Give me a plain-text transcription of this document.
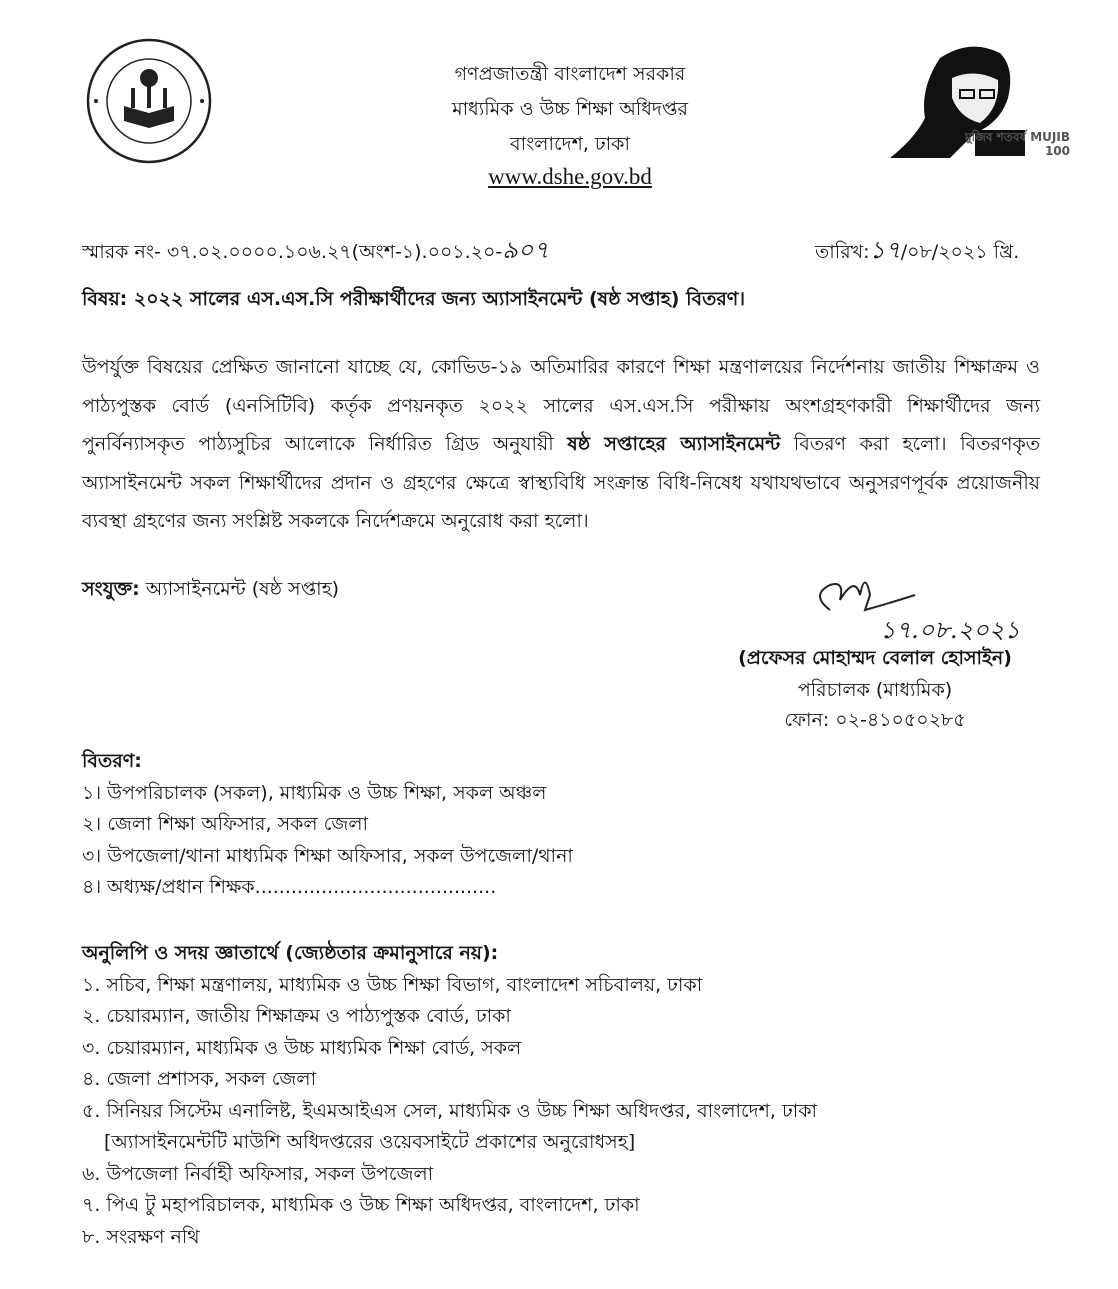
গণপ্রজাতন্ত্রী বাংলাদেশ সরকার
মাধ্যমিক ও উচ্চ শিক্ষা অধিদপ্তর
বাংলাদেশ, ঢাকা
www.dshe.gov.bd
মুজিব শতবর্ষ MUJIB 100
স্মারক নং- ৩৭.০২.০০০০.১০৬.২৭(অংশ-১).০০১.২০-৯০৭	তারিখ:১৭/০৮/২০২১ খ্রি.
বিষয়: ২০২২ সালের এস.এস.সি পরীক্ষার্থীদের জন্য অ্যাসাইনমেন্ট (ষষ্ঠ সপ্তাহ) বিতরণ।
উপর্যুক্ত বিষয়ের প্রেক্ষিত জানানো যাচ্ছে যে, কোভিড-১৯ অতিমারির কারণে শিক্ষা মন্ত্রণালয়ের নির্দেশনায় জাতীয় শিক্ষাক্রম ও পাঠ্যপুস্তক বোর্ড (এনসিটিবি) কর্তৃক প্রণয়নকৃত ২০২২ সালের এস.এস.সি পরীক্ষায় অংশগ্রহণকারী শিক্ষার্থীদের জন্য পুনর্বিন্যাসকৃত পাঠ্যসুচির আলোকে নির্ধারিত গ্রিড অনুযায়ী ষষ্ঠ সপ্তাহের অ্যাসাইনমেন্ট বিতরণ করা হলো। বিতরণকৃত অ্যাসাইনমেন্ট সকল শিক্ষার্থীদের প্রদান ও গ্রহণের ক্ষেত্রে স্বাস্থ্যবিধি সংক্রান্ত বিধি-নিষেধ যথাযথভাবে অনুসরণপূর্বক প্রয়োজনীয় ব্যবস্থা গ্রহণের জন্য সংশ্লিষ্ট সকলকে নির্দেশক্রমে অনুরোধ করা হলো।
সংযুক্ত: অ্যাসাইনমেন্ট (ষষ্ঠ সপ্তাহ)
১৭.০৮.২০২১
(প্রফেসর মোহাম্মদ বেলাল হোসাইন)
পরিচালক (মাধ্যমিক)
ফোন: ০২-৪১০৫০২৮৫
বিতরণ:
১। উপপরিচালক (সকল), মাধ্যমিক ও উচ্চ শিক্ষা, সকল অঞ্চল
২। জেলা শিক্ষা অফিসার, সকল জেলা
৩। উপজেলা/থানা মাধ্যমিক শিক্ষা অফিসার, সকল উপজেলা/থানা
৪। অধ্যক্ষ/প্রধান শিক্ষক........................................
অনুলিপি ও সদয় জ্ঞাতার্থে (জ্যেষ্ঠতার ক্রমানুসারে নয়):
১. সচিব, শিক্ষা মন্ত্রণালয়, মাধ্যমিক ও উচ্চ শিক্ষা বিভাগ, বাংলাদেশ সচিবালয়, ঢাকা
২. চেয়ারম্যান, জাতীয় শিক্ষাক্রম ও পাঠ্যপুস্তক বোর্ড, ঢাকা
৩. চেয়ারম্যান, মাধ্যমিক ও উচ্চ মাধ্যমিক শিক্ষা বোর্ড, সকল
৪. জেলা প্রশাসক, সকল জেলা
৫. সিনিয়র সিস্টেম এনালিষ্ট, ইএমআইএস সেল, মাধ্যমিক ও উচ্চ শিক্ষা অধিদপ্তর, বাংলাদেশ, ঢাকা
[অ্যাসাইনমেন্টটি মাউশি অধিদপ্তরের ওয়েবসাইটে প্রকাশের অনুরোধসহ]
৬. উপজেলা নির্বাহী অফিসার, সকল উপজেলা
৭. পিএ টু মহাপরিচালক, মাধ্যমিক ও উচ্চ শিক্ষা অধিদপ্তর, বাংলাদেশ, ঢাকা
৮. সংরক্ষণ নথি
